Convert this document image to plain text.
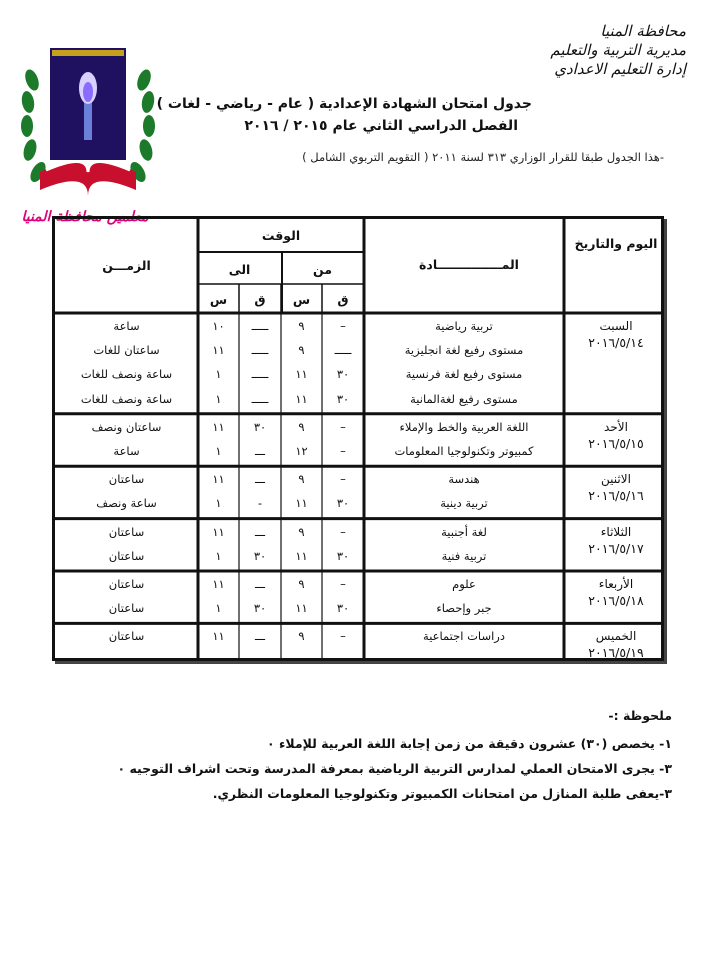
محافظة المنيا
مديرية التربية والتعليم
إدارة التعليم الاعدادي
معلمين محافظة المنيا
جدول امتحان الشهادة الإعدادية ( عام - رياضي - لغات )
الفصل الدراسي الثاني عام ٢٠١٥ / ٢٠١٦
-هذا الجدول طبقا للقرار الوزاري ٣١٣ لسنة ٢٠١١ ( التقويم التربوي الشامل )
اليوم والتاريخ
المـــــــــــــــادة
الوقت
من
الى
ق
س
ق
س
الزمـــن
تربية رياضية
–
٩
ـــــ
١٠
ساعة
مستوى رفيع لغة انجليزية
ـــــ
٩
ـــــ
١١
ساعتان للغات
مستوى رفيع لغة فرنسية
٣٠
١١
ـــــ
١
ساعة ونصف للغات
مستوى رفيع لغةالمانية
٣٠
١١
ـــــ
١
ساعة ونصف للغات
السبت
٢٠١٦/٥/١٤
اللغة العربية والخط والإملاء
–
٩
٣٠
١١
ساعتان ونصف
كمبيوتر وتكنولوجيا المعلومات
–
١٢
ـــ
١
ساعة
الأحد
٢٠١٦/٥/١٥
هندسة
–
٩
ـــ
١١
ساعتان
تربية دينية
٣٠
١١
-
١
ساعة ونصف
الاثنين
٢٠١٦/٥/١٦
لغة أجنبية
–
٩
ـــ
١١
ساعتان
تربية فنية
٣٠
١١
٣٠
١
ساعتان
الثلاثاء
٢٠١٦/٥/١٧
علوم
–
٩
ـــ
١١
ساعتان
جبر وإحصاء
٣٠
١١
٣٠
١
ساعتان
الأربعاء
٢٠١٦/٥/١٨
دراسات اجتماعية
–
٩
ـــ
١١
ساعتان	الخميس
٢٠١٦/٥/١٩
ملحوظة :-
١- يخصص (٣٠) عشرون دقيقة من زمن إجابة اللغة العربية للإملاء ٠
٣- يجرى الامتحان العملي لمدارس التربية الرياضية بمعرفة المدرسة وتحت اشراف التوجيه ٠
٣-يعفى طلبة المنازل من امتحانات الكمبيوتر وتكنولوجيا المعلومات النظري.
